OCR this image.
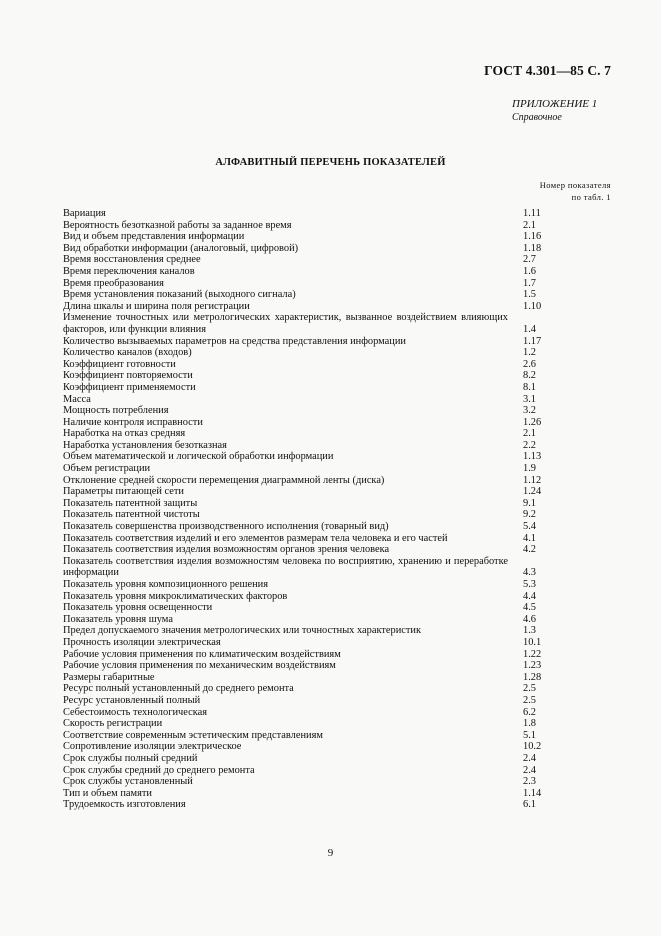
ГОСТ 4.301—85 С. 7
ПРИЛОЖЕНИЕ 1
Справочное
АЛФАВИТНЫЙ ПЕРЕЧЕНЬ ПОКАЗАТЕЛЕЙ
Номер показателя
по табл. 1
Вариация	1.11
Вероятность безотказной работы за заданное время	2.1
Вид и объем представления информации	1.16
Вид обработки информации (аналоговый, цифровой)	1.18
Время восстановления среднее	2.7
Время переключения каналов	1.6
Время преобразования	1.7
Время установления показаний (выходного сигнала)	1.5
Длина шкалы и ширина поля регистрации	1.10
Изменение точностных или метрологических характеристик, вызванное воздействием влияющих факторов, или функции влияния	1.4
Количество вызываемых параметров на средства представления информации	1.17
Количество каналов (входов)	1.2
Коэффициент готовности	2.6
Коэффициент повторяемости	8.2
Коэффициент применяемости	8.1
Масса	3.1
Мощность потребления	3.2
Наличие контроля исправности	1.26
Наработка на отказ средняя	2.1
Наработка установления безотказная	2.2
Объем математической и логической обработки информации	1.13
Объем регистрации	1.9
Отклонение средней скорости перемещения диаграммной ленты (диска)	1.12
Параметры питающей сети	1.24
Показатель патентной защиты	9.1
Показатель патентной чистоты	9.2
Показатель совершенства производственного исполнения (товарный вид)	5.4
Показатель соответствия изделий и его элементов размерам тела человека и его частей	4.1
Показатель соответствия изделия возможностям органов зрения человека	4.2
Показатель соответствия изделия возможностям человека по восприятию, хранению и переработке информации	4.3
Показатель уровня композиционного решения	5.3
Показатель уровня микроклиматических факторов	4.4
Показатель уровня освещенности	4.5
Показатель уровня шума	4.6
Предел допускаемого значения метрологических или точностных характеристик	1.3
Прочность изоляции электрическая	10.1
Рабочие условия применения по климатическим воздействиям	1.22
Рабочие условия применения по механическим воздействиям	1.23
Размеры габаритные	1.28
Ресурс полный установленный до среднего ремонта	2.5
Ресурс установленный полный	2.5
Себестоимость технологическая	6.2
Скорость регистрации	1.8
Соответствие современным эстетическим представлениям	5.1
Сопротивление изоляции электрическое	10.2
Срок службы полный средний	2.4
Срок службы средний до среднего ремонта	2.4
Срок службы установленный	2.3
Тип и объем памяти	1.14
Трудоемкость изготовления	6.1
9
